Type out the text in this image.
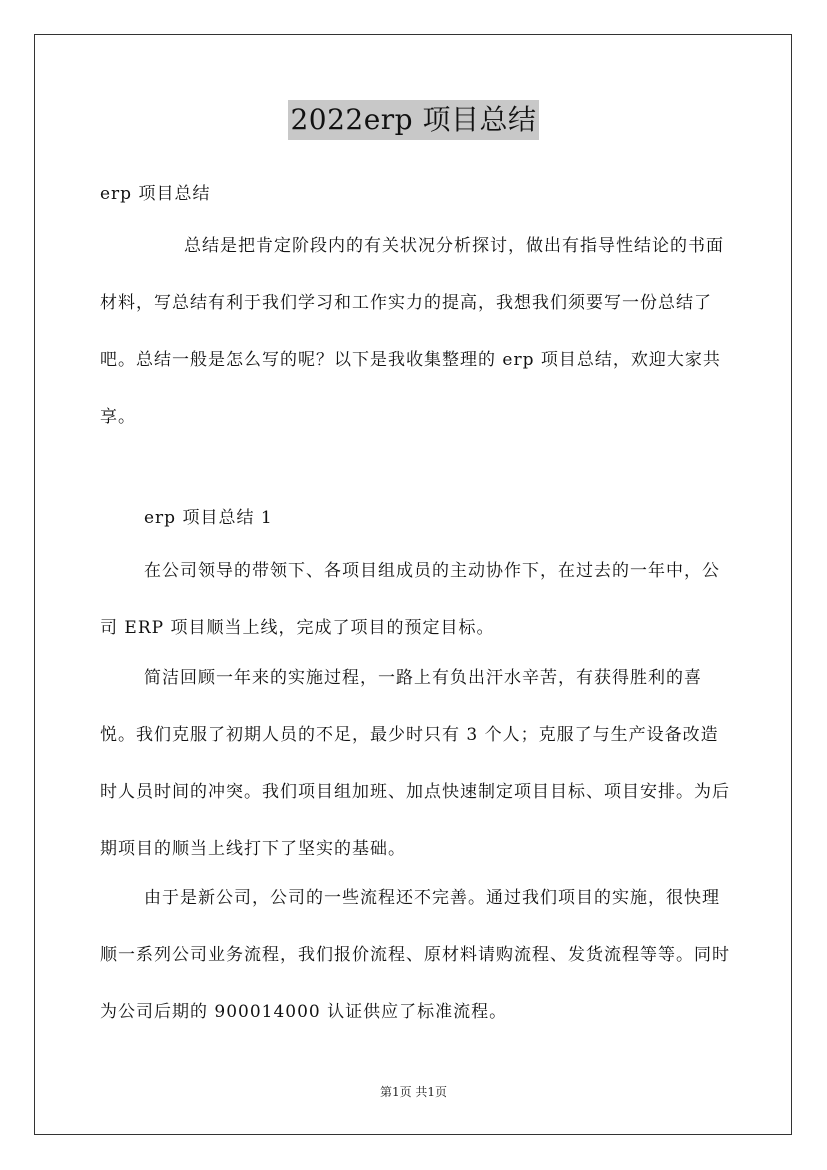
2022erp 项目总结

erp 项目总结

总结是把肯定阶段内的有关状况分析探讨，做出有指导性结论的书面材料，写总结有利于我们学习和工作实力的提高，我想我们须要写一份总结了吧。总结一般是怎么写的呢？以下是我收集整理的 erp 项目总结，欢迎大家共享。

erp 项目总结 1

在公司领导的带领下、各项目组成员的主动协作下，在过去的一年中，公司 ERP 项目顺当上线，完成了项目的预定目标。

简洁回顾一年来的实施过程，一路上有负出汗水辛苦，有获得胜利的喜悦。我们克服了初期人员的不足，最少时只有 3 个人；克服了与生产设备改造时人员时间的冲突。我们项目组加班、加点快速制定项目目标、项目安排。为后期项目的顺当上线打下了坚实的基础。

由于是新公司，公司的一些流程还不完善。通过我们项目的实施，很快理顺一系列公司业务流程，我们报价流程、原材料请购流程、发货流程等等。同时为公司后期的 900014000 认证供应了标准流程。

第1页 共1页
